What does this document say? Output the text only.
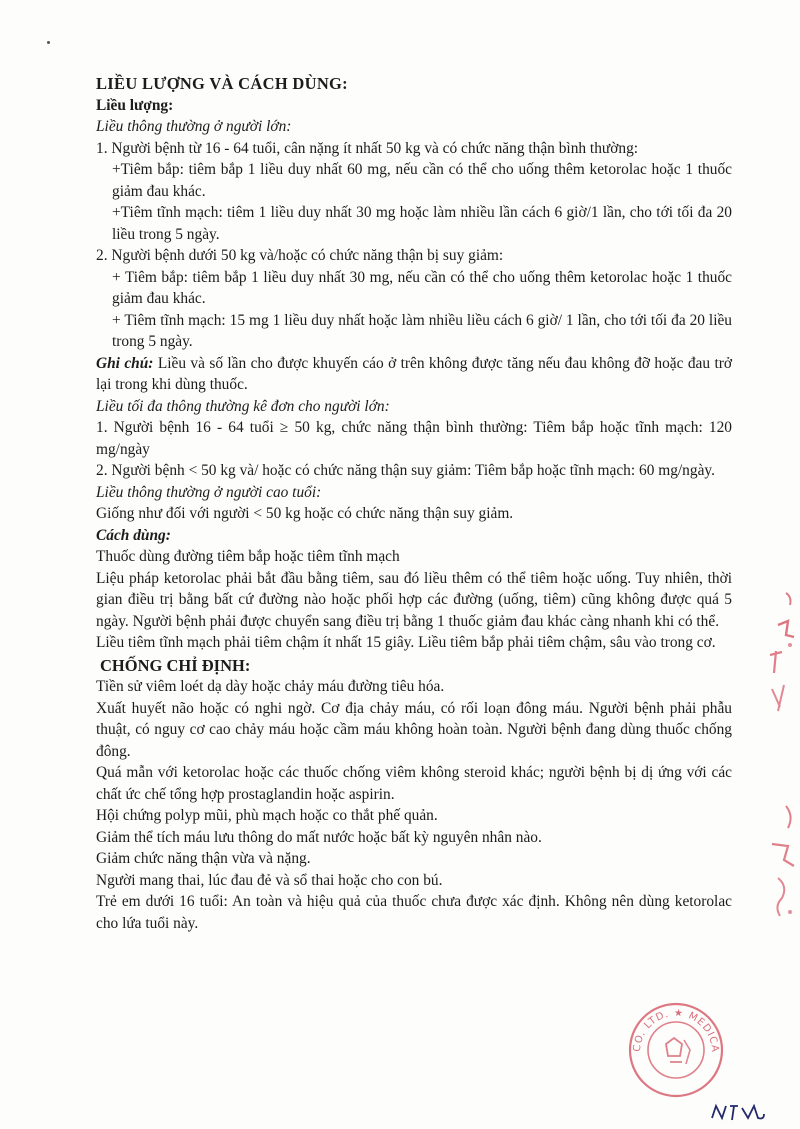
LIỀU LƯỢNG VÀ CÁCH DÙNG:

Liều lượng:

Liều thông thường ở người lớn:

1. Người bệnh từ 16 - 64 tuổi, cân nặng ít nhất 50 kg và có chức năng thận bình thường:

+Tiêm bắp: tiêm bắp 1 liều duy nhất 60 mg, nếu cần có thể cho uống thêm ketorolac hoặc 1 thuốc giảm đau khác.

+Tiêm tĩnh mạch: tiêm 1 liều duy nhất 30 mg hoặc làm nhiều lần cách 6 giờ/1 lần, cho tới tối đa 20 liều trong 5 ngày.

2. Người bệnh dưới 50 kg và/hoặc có chức năng thận bị suy giảm:

+ Tiêm bắp: tiêm bắp 1 liều duy nhất 30 mg, nếu cần có thể cho uống thêm ketorolac hoặc 1 thuốc giảm đau khác.

+ Tiêm tĩnh mạch: 15 mg 1 liều duy nhất hoặc làm nhiều liều cách 6 giờ/ 1 lần, cho tới tối đa 20 liều trong 5 ngày.

Ghi chú: Liều và số lần cho được khuyến cáo ở trên không được tăng nếu đau không đỡ hoặc đau trở lại trong khi dùng thuốc.

Liều tối đa thông thường kê đơn cho người lớn:

1. Người bệnh 16 - 64 tuổi ≥ 50 kg, chức năng thận bình thường: Tiêm bắp hoặc tĩnh mạch: 120 mg/ngày

2. Người bệnh < 50 kg và/ hoặc có chức năng thận suy giảm: Tiêm bắp hoặc tĩnh mạch: 60 mg/ngày.

Liều thông thường ở người cao tuổi:

Giống như đối với người < 50 kg hoặc có chức năng thận suy giảm.

Cách dùng:

Thuốc dùng đường tiêm bắp hoặc tiêm tĩnh mạch

Liệu pháp ketorolac phải bắt đầu bằng tiêm, sau đó liều thêm có thể tiêm hoặc uống. Tuy nhiên, thời gian điều trị bằng bất cứ đường nào hoặc phối hợp các đường (uống, tiêm) cũng không được quá 5 ngày. Người bệnh phải được chuyển sang điều trị bằng 1 thuốc giảm đau khác càng nhanh khi có thể.

Liều tiêm tĩnh mạch phải tiêm chậm ít nhất 15 giây. Liều tiêm bắp phải tiêm chậm, sâu vào trong cơ.

CHỐNG CHỈ ĐỊNH:

Tiền sử viêm loét dạ dày hoặc chảy máu đường tiêu hóa.

Xuất huyết não hoặc có nghi ngờ. Cơ địa chảy máu, có rối loạn đông máu. Người bệnh phải phẫu thuật, có nguy cơ cao chảy máu hoặc cầm máu không hoàn toàn. Người bệnh đang dùng thuốc chống đông.

Quá mẫn với ketorolac hoặc các thuốc chống viêm không steroid khác; người bệnh bị dị ứng với các chất ức chế tổng hợp prostaglandin hoặc aspirin.

Hội chứng polyp mũi, phù mạch hoặc co thắt phế quản.

Giảm thể tích máu lưu thông do mất nước hoặc bất kỳ nguyên nhân nào.

Giảm chức năng thận vừa và nặng.

Người mang thai, lúc đau đẻ và sổ thai hoặc cho con bú.

Trẻ em dưới 16 tuổi: An toàn và hiệu quả của thuốc chưa được xác định. Không nên dùng ketorolac cho lứa tuổi này.

CO. LTD. ★ MEDICA
